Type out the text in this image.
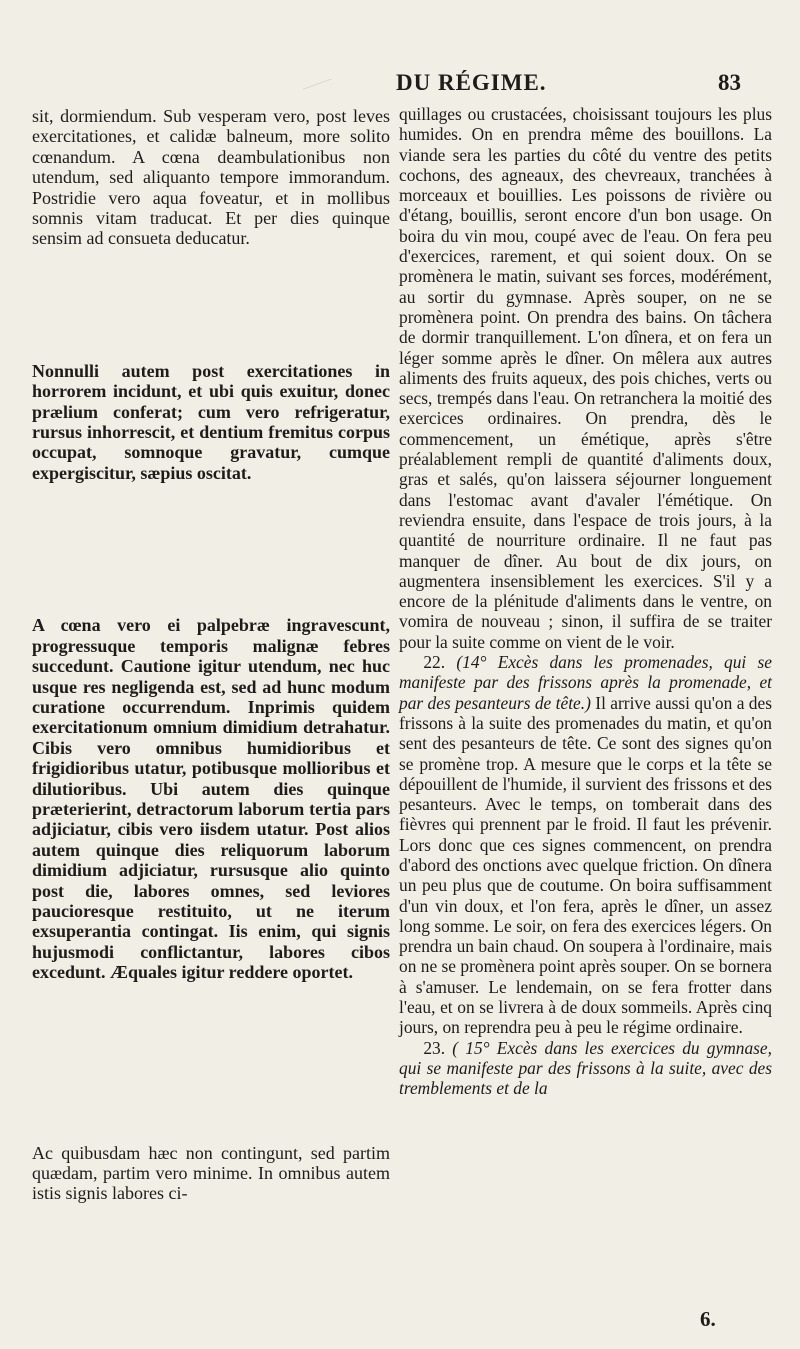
DU RÉGIME.	83

sit, dormiendum. Sub vesperam vero, post leves exercitationes, et calidæ balneum, more solito cœnandum. A cœna deambulationibus non utendum, sed aliquanto tempore immorandum. Postridie vero aqua foveatur, et in mollibus somnis vitam traducat. Et per dies quinque sensim ad consueta deducatur.

Nonnulli autem post exercitationes in horrorem incidunt, et ubi quis exuitur, donec prælium conferat; cum vero refrigeratur, rursus inhorrescit, et dentium fremitus corpus occupat, somnoque gravatur, cumque expergiscitur, sæpius oscitat.

A cœna vero ei palpebræ ingravescunt, progressuque temporis malignæ febres succedunt. Cautione igitur utendum, nec huc usque res negligenda est, sed ad hunc modum curatione occurrendum. Inprimis quidem exercitationum omnium dimidium detrahatur. Cibis vero omnibus humidioribus et frigidioribus utatur, potibusque mollioribus et dilutioribus. Ubi autem dies quinque præterierint, detractorum laborum tertia pars adjiciatur, cibis vero iisdem utatur. Post alios autem quinque dies reliquorum laborum dimidium adjiciatur, rursusque alio quinto post die, labores omnes, sed leviores paucioresque restituito, ut ne iterum exsuperantia contingat. Iis enim, qui signis hujusmodi conflictantur, labores cibos excedunt. Æquales igitur reddere oportet.

Ac quibusdam hæc non contingunt, sed partim quædam, partim vero minime. In omnibus autem istis signis labores ci-

quillages ou crustacées, choisissant toujours les plus humides. On en prendra même des bouillons. La viande sera les parties du côté du ventre des petits cochons, des agneaux, des chevreaux, tranchées à morceaux et bouillies. Les poissons de rivière ou d'étang, bouillis, seront encore d'un bon usage. On boira du vin mou, coupé avec de l'eau. On fera peu d'exercices, rarement, et qui soient doux. On se promènera le matin, suivant ses forces, modérément, au sortir du gymnase. Après souper, on ne se promènera point. On prendra des bains. On tâchera de dormir tranquillement. L'on dînera, et on fera un léger somme après le dîner. On mêlera aux autres aliments des fruits aqueux, des pois chiches, verts ou secs, trempés dans l'eau. On retranchera la moitié des exercices ordinaires. On prendra, dès le commencement, un émétique, après s'être préalablement rempli de quantité d'aliments doux, gras et salés, qu'on laissera séjourner longuement dans l'estomac avant d'avaler l'émétique. On reviendra ensuite, dans l'espace de trois jours, à la quantité de nourriture ordinaire. Il ne faut pas manquer de dîner. Au bout de dix jours, on augmentera insensiblement les exercices. S'il y a encore de la plénitude d'aliments dans le ventre, on vomira de nouveau ; sinon, il suffira de se traiter pour la suite comme on vient de le voir.

22. (14° Excès dans les promenades, qui se manifeste par des frissons après la promenade, et par des pesanteurs de tête.) Il arrive aussi qu'on a des frissons à la suite des promenades du matin, et qu'on sent des pesanteurs de tête. Ce sont des signes qu'on se promène trop. A mesure que le corps et la tête se dépouillent de l'humide, il survient des frissons et des pesanteurs. Avec le temps, on tomberait dans des fièvres qui prennent par le froid. Il faut les prévenir. Lors donc que ces signes commencent, on prendra d'abord des onctions avec quelque friction. On dînera un peu plus que de coutume. On boira suffisamment d'un vin doux, et l'on fera, après le dîner, un assez long somme. Le soir, on fera des exercices légers. On prendra un bain chaud. On soupera à l'ordinaire, mais on ne se promènera point après souper. On se bornera à s'amuser. Le lendemain, on se fera frotter dans l'eau, et on se livrera à de doux sommeils. Après cinq jours, on reprendra peu à peu le régime ordinaire.

23. ( 15° Excès dans les exercices du gymnase, qui se manifeste par des frissons à la suite, avec des tremblements et de la

6.
